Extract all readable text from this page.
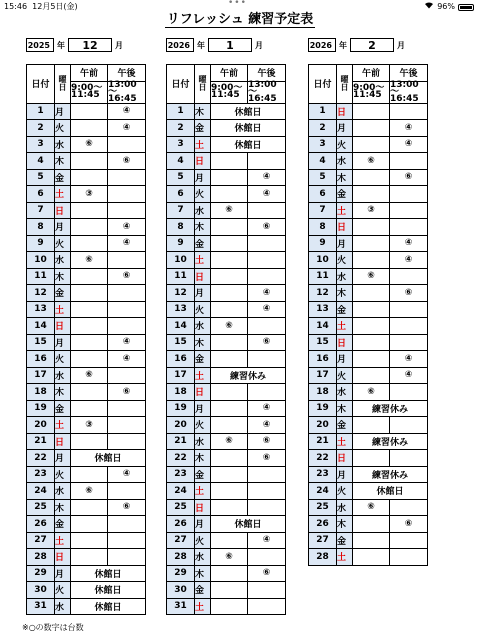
15:46 12月5日(金)	•••	96%
リフレッシュ 練習予定表
2025 年	12	月	2026 年	1	月	2026 年	2	月
日付	曜日	午前	午後
		9:00～11:45	13:00～16:45
1	月		④
2	火		④
3	水	⑥	
4	木		⑥
5	金		
6	土	③	
7	日		
8	月		④
9	火		④
10	水	⑥	
11	木		⑥
12	金		
13	土		
14	日		
15	月		④
16	火		④
17	水	⑥	
18	木		⑥
19	金		
20	土	③	
21	日		
22	月	休館日	
23	火		④
24	水	⑥	
25	木		⑥
26	金		
27	土		
28	日		
29	月	休館日	
30	火	休館日	
31	水	休館日	
日付	曜日	午前	午後
		9:00～11:45	13:00～16:45
1	木	休館日	
2	金	休館日	
3	土	休館日	
4	日		
5	月		④
6	火		④
7	水	⑥	
8	木		⑥
9	金		
10	土		
11	日		
12	月		④
13	火		④
14	水	⑥	
15	木		⑥
16	金		
17	土	練習休み	
18	日		
19	月		④
20	火		④
21	水	⑥	⑥
22	木		⑥
23	金		
24	土		
25	日		
26	月	休館日	
27	火		④
28	水	⑥	
29	木		⑥
30	金		
31	土		
日付	曜日	午前	午後
		9:00～11:45	13:00～16:45
1	日		
2	月		④
3	火		④
4	水	⑥	
5	木		⑥
6	金		
7	土	③	
8	日		
9	月		④
10	火		④
11	水	⑥	
12	木		⑥
13	金		
14	土		
15	日		
16	月		④
17	火		④
18	水	⑥	
19	木	練習休み	
20	金		
21	土	練習休み	
22	日		
23	月	練習休み	
24	火	休館日	
25	水	⑥	
26	木		⑥
27	金		
28	土		
※○の数字は台数
